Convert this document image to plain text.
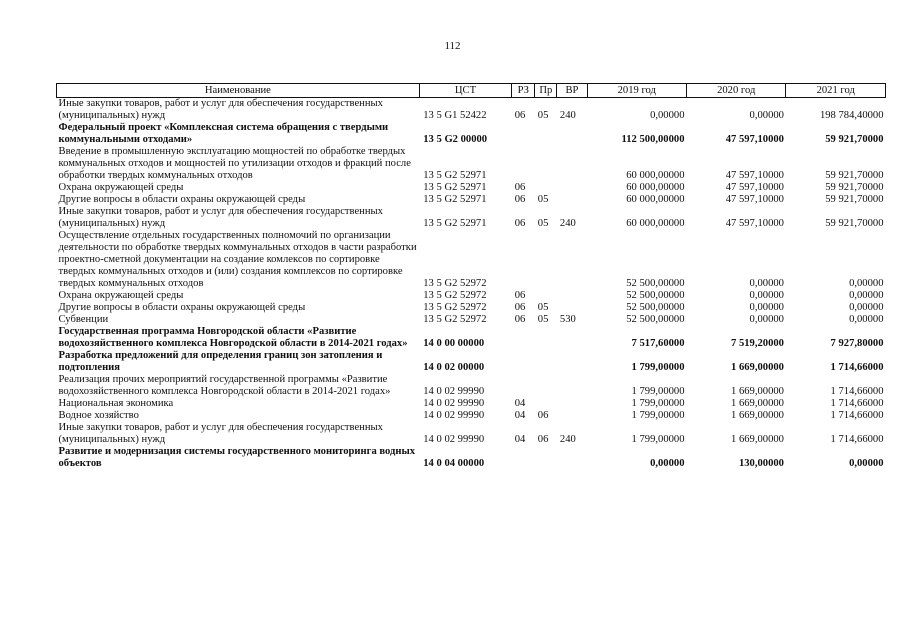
112
Наименование	ЦСТ	РЗ	Пр	ВР	2019 год	2020 год	2021 год
Иные закупки товаров, работ и услуг для обеспечения государственных (муниципальных) нужд	13 5 G1 52422	06	05	240	0,00000	0,00000	198 784,40000
Федеральный проект «Комплексная система обращения с твердыми коммунальными отходами»	13 5 G2 00000				112 500,00000	47 597,10000	59 921,70000
Введение в промышленную эксплуатацию мощностей по обработке твердых коммунальных отходов и мощностей по утилизации отходов и фракций после обработки твердых коммунальных отходов	13 5 G2 52971				60 000,00000	47 597,10000	59 921,70000
Охрана окружающей среды	13 5 G2 52971	06			60 000,00000	47 597,10000	59 921,70000
Другие вопросы в области охраны окружающей среды	13 5 G2 52971	06	05		60 000,00000	47 597,10000	59 921,70000
Иные закупки товаров, работ и услуг для обеспечения государственных (муниципальных) нужд	13 5 G2 52971	06	05	240	60 000,00000	47 597,10000	59 921,70000
Осуществление отдельных государственных полномочий по организации деятельности по обработке твердых коммунальных отходов в части разработки проектно-сметной документации на создание комлексов по сортировке твердых коммунальных отходов и (или) создания комплексов по сортировке твердых коммунальных отходов	13 5 G2 52972				52 500,00000	0,00000	0,00000
Охрана окружающей среды	13 5 G2 52972	06			52 500,00000	0,00000	0,00000
Другие вопросы в области охраны окружающей среды	13 5 G2 52972	06	05		52 500,00000	0,00000	0,00000
Субвенции	13 5 G2 52972	06	05	530	52 500,00000	0,00000	0,00000
Государственная программа Новгородской области «Развитие водохозяйственного комплекса Новгородской области в 2014-2021 годах»	14 0 00 00000				7 517,60000	7 519,20000	7 927,80000
Разработка предложений для определения границ зон затопления и подтопления	14 0 02 00000				1 799,00000	1 669,00000	1 714,66000
Реализация прочих мероприятий государственной программы «Развитие водохозяйственного комплекса Новгородской области в 2014-2021 годах»	14 0 02 99990				1 799,00000	1 669,00000	1 714,66000
Национальная экономика	14 0 02 99990	04			1 799,00000	1 669,00000	1 714,66000
Водное хозяйство	14 0 02 99990	04	06		1 799,00000	1 669,00000	1 714,66000
Иные закупки товаров, работ и услуг для обеспечения государственных (муниципальных) нужд	14 0 02 99990	04	06	240	1 799,00000	1 669,00000	1 714,66000
Развитие и модернизация системы государственного мониторинга водных объектов	14 0 04 00000				0,00000	130,00000	0,00000
